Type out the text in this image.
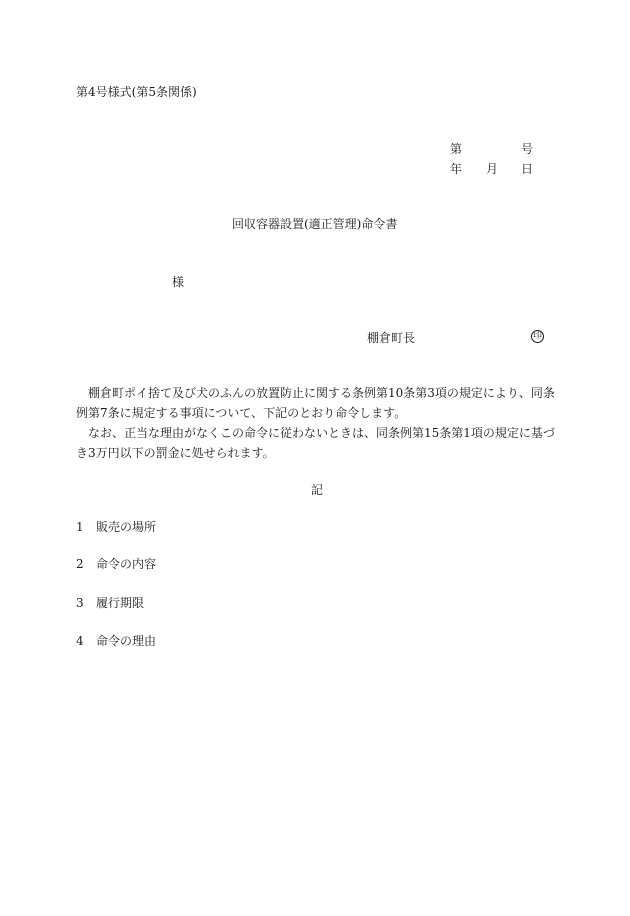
第4号様式(第5条関係)
第	号
年 月 日
回収容器設置(適正管理)命令書
様
棚倉町長	印
棚倉町ポイ捨て及び犬のふんの放置防止に関する条例第10条第3項の規定により、同条例第7条に規定する事項について、下記のとおり命令します。
なお、正当な理由がなくこの命令に従わないときは、同条例第15条第1項の規定に基づき3万円以下の罰金に処せられます。
記
1 販売の場所
2 命令の内容
3 履行期限
4 命令の理由
